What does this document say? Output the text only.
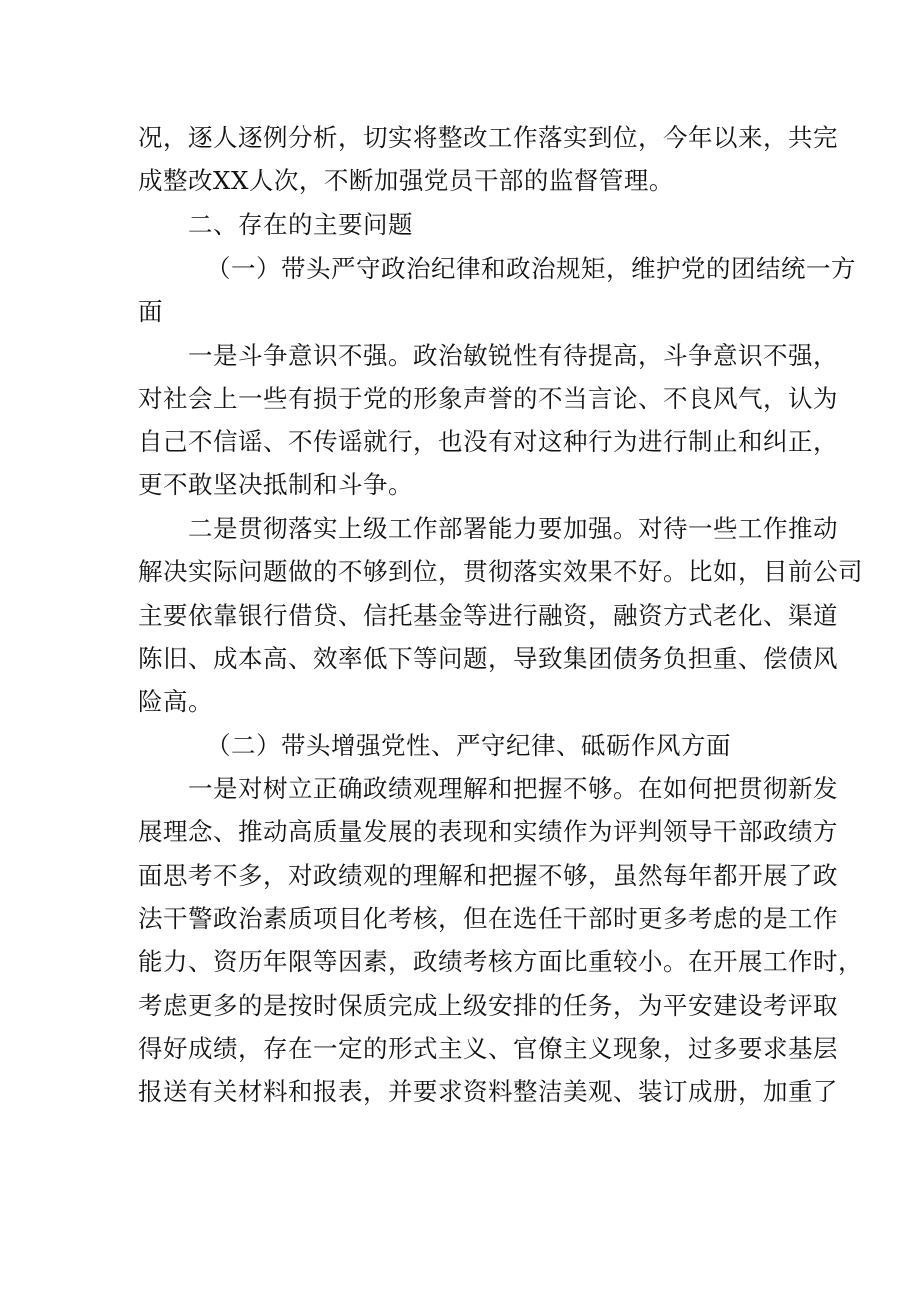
况，逐人逐例分析，切实将整改工作落实到位，今年以来，共完
成整改XX人次，不断加强党员干部的监督管理。
二、存在的主要问题
（一）带头严守政治纪律和政治规矩，维护党的团结统一方
面
一是斗争意识不强。政治敏锐性有待提高，斗争意识不强，
对社会上一些有损于党的形象声誉的不当言论、不良风气，认为
自己不信谣、不传谣就行，也没有对这种行为进行制止和纠正，
更不敢坚决抵制和斗争。
二是贯彻落实上级工作部署能力要加强。对待一些工作推动
解决实际问题做的不够到位，贯彻落实效果不好。比如，目前公司
主要依靠银行借贷、信托基金等进行融资，融资方式老化、渠道
陈旧、成本高、效率低下等问题，导致集团债务负担重、偿债风
险高。
（二）带头增强党性、严守纪律、砥砺作风方面
一是对树立正确政绩观理解和把握不够。在如何把贯彻新发
展理念、推动高质量发展的表现和实绩作为评判领导干部政绩方
面思考不多，对政绩观的理解和把握不够，虽然每年都开展了政
法干警政治素质项目化考核，但在选任干部时更多考虑的是工作
能力、资历年限等因素，政绩考核方面比重较小。在开展工作时，
考虑更多的是按时保质完成上级安排的任务，为平安建设考评取
得好成绩，存在一定的形式主义、官僚主义现象，过多要求基层
报送有关材料和报表，并要求资料整洁美观、装订成册，加重了
